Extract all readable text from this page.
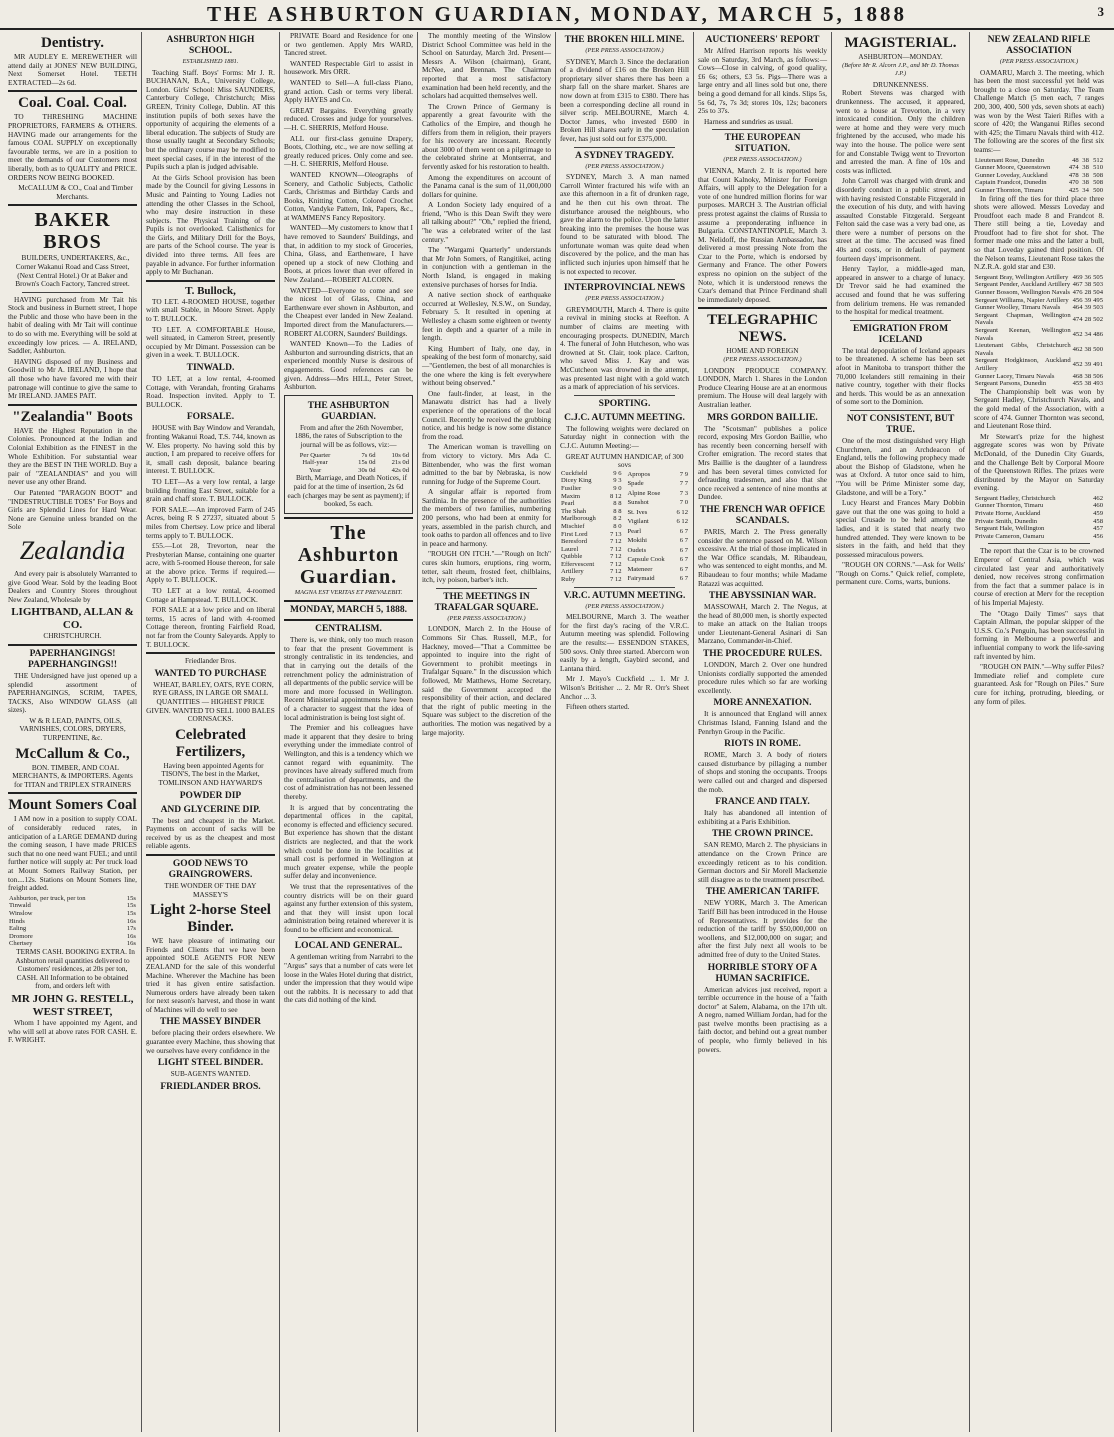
THE ASHBURTON GUARDIAN, MONDAY, MARCH 5, 1888	3
Dentistry.

MR AUDLEY E. MEREWETHER will attend daily at JONES' NEW BUILDING, Next Somerset Hotel. TEETH EXTRACTED—2s 6d.

Coal. Coal. Coal.

TO THRESHING MACHINE PROPRIETORS, FARMERS & OTHERS. HAVING made our arrangements for the famous COAL SUPPLY on exceptionally favourable terms, we are in a position to meet the demands of our Customers most liberally, both as to QUALITY and PRICE. ORDERS NOW BEING BOOKED.

McCALLUM & CO., Coal and Timber Merchants.

BAKER BROS

BUILDERS, UNDERTAKERS, &c., Corner Wakanui Road and Cass Street, (Next Central Hotel.) Or at Baker and Brown's Coach Factory, Tancred street.

HAVING purchased from Mr Tait his Stock and business in Burnett street, I hope the Public and those who have been in the habit of dealing with Mr Tait will continue to do so with me. Everything will be sold at exceedingly low prices. — A. IRELAND, Saddler, Ashburton.

HAVING disposed of my Business and Goodwill to Mr A. IRELAND, I hope that all those who have favored me with their patronage will continue to give the same to Mr IRELAND. JAMES PAIT.

"Zealandia" Boots

HAVE the Highest Reputation in the Colonies. Pronounced at the Indian and Colonial Exhibition as the FINEST in the Whole Exhibition. For substantial wear they are the BEST IN THE WORLD. Buy a pair of "ZEALANDIAS" and you will never use any other Brand.

Our Patented "PARAGON BOOT" and "INDESTRUCTIBLE TOES" For Boys and Girls are Splendid Lines for Hard Wear. None are Genuine unless branded on the Sole

Zealandia

And every pair is absolutely Warranted to give Good Wear. Sold by the leading Boot Dealers and Country Stores throughout New Zealand, Wholesale by

LIGHTBAND, ALLAN & CO.
CHRISTCHURCH.
PAPERHANGINGS! PAPERHANGINGS!!

THE Undersigned have just opened up a splendid assortment of PAPERHANGINGS, SCRIM, TAPES, TACKS, Also WINDOW GLASS (all sizes).

W & R LEAD, PAINTS, OILS, VARNISHES, COLORS, DRYERS, TURPENTINE, &c.

McCallum & Co.,

BON. TIMBER, AND COAL MERCHANTS, & IMPORTERS. Agents for TITAN and TRIPLEX STRAINERS

Mount Somers Coal

I AM now in a position to supply COAL of considerably reduced rates, in anticipation of a LARGE DEMAND during the coming season, I have made PRICES such that no one need want FUEL; and until further notice will supply at: Per truck load at Mount Somers Railway Station, per ton....12s. Stations on Mount Somers line, freight added.

Ashburton, per truck, per ton	15s
Tinwald	15s
Winslow	15s
Hinds	16s
Ealing	17s
Dromore	16s
Chertsey	16s

TERMS CASH. BOOKING EXTRA. In Ashburton retail quantities delivered to Customers' residences, at 20s per ton, CASH. All Information to be obtained from, and orders left with

MR JOHN G. RESTELL, WEST STREET,

Whom I have appointed my Agent, and who will sell at above rates FOR CASH. E. F. WRIGHT.

ASHBURTON HIGH SCHOOL.
ESTABLISHED 1881.

Teaching Staff. Boys' Forms: Mr J. R. BUCHANAN, B.A., University College, London. Girls' School: Miss SAUNDERS, Canterbury College, Christchurch; Miss GREEN, Trinity College, Dublin. AT this institution pupils of both sexes have the opportunity of acquiring the elements of a liberal education. The subjects of Study are those usually taught at Secondary Schools; but the ordinary course may be modified to meet special cases, if in the interest of the Pupils such a plan is judged advisable.

At the Girls School provision has been made by the Council for giving Lessons in Music and Painting to Young Ladies not attending the other Classes in the School, who may desire instruction in these subjects. The Physical Training of the Pupils is not overlooked. Calisthenics for the Girls, and Military Drill for the Boys, are parts of the School course. The year is divided into three terms. All fees are payable in advance. For further information apply to Mr Buchanan.

T. Bullock,

TO LET. 4-ROOMED HOUSE, together with small Stable, in Moore Street. Apply to T. BULLOCK.

TO LET. A COMFORTABLE House, well situated, in Cameron Street, presently occupied by Mr Dimant. Possession can be given in a week. T. BULLOCK.

TINWALD.

TO LET, at a low rental, 4-roomed Cottage, with Verandah, fronting Grahams Road. Inspection invited. Apply to T. BULLOCK.

FORSALE.

HOUSE with Bay Window and Verandah, fronting Wakanui Road, T.S. 744, known as W. Eles property. No having sold this by auction, I am prepared to receive offers for it, small cash deposit, balance bearing interest. T. BULLOCK.

TO LET—As a very low rental, a large building fronting East Street, suitable for a grain and chaff store. T. BULLOCK.

FOR SALE.—An improved Farm of 245 Acres, being R S 27237, situated about 5 miles from Chertsey. Low price and liberal terms apply to T. BULLOCK.

£55.—Lot 28, Trevorton, near the Presbyterian Manse, containing one quarter acre, with 5-roomed House thereon, for sale at the above price. Terms if required.—Apply to T. BULLOCK.

TO LET at a low rental, 4-roomed Cottage at Hampstead. T. BULLOCK.

FOR SALE at a low price and on liberal terms, 15 acres of land with 4-roomed Cottage thereon, fronting Fairfield Road, not far from the County Saleyards. Apply to T. BULLOCK.

Friedlander Bros.
WANTED TO PURCHASE

WHEAT, BARLEY, OATS, RYE CORN, RYE GRASS, IN LARGE OR SMALL QUANTITIES — HIGHEST PRICE GIVEN. WANTED TO SELL 1000 BALES CORNSACKS.

Celebrated Fertilizers,

Having been appointed Agents for TISON'S, The best in the Market, TOMLINSON AND HAYWARD'S

POWDER DIP
AND GLYCERINE DIP.

The best and cheapest in the Market. Payments on account of sacks will be received by us as the cheapest and most reliable agents.

GOOD NEWS TO GRAINGROWERS.
THE WONDER OF THE DAY
MASSEY'S
Light 2-horse Steel Binder.

WE have pleasure of intimating our Friends and Clients that we have been appointed SOLE AGENTS FOR NEW ZEALAND for the sale of this wonderful Machine. Wherever the Machine has been tried it has given entire satisfaction. Numerous orders have already been taken for next season's harvest, and those in want of Machines will do well to see

THE MASSEY BINDER

before placing their orders elsewhere. We guarantee every Machine, thus showing that we ourselves have every confidence in the

LIGHT STEEL BINDER.
SUB-AGENTS WANTED.
FRIEDLANDER BROS.

PRIVATE Board and Residence for one or two gentlemen. Apply Mrs WARD, Tancred street.

WANTED Respectable Girl to assist in housework. Mrs ORR.

WANTED to Sell—A full-class Piano, grand action. Cash or terms very liberal. Apply HAYES and Co.

GREAT Bargains. Everything greatly reduced. Crosses and judge for yourselves.—H. C. SHERRIS, Melford House.

ALL our first-class genuine Drapery, Boots, Clothing, etc., we are now selling at greatly reduced prices. Only come and see.—H. C. SHERRIS, Melford House.

WANTED KNOWN—Oleographs of Scenery, and Catholic Subjects, Catholic Cards, Christmas and Birthday Cards and Books, Knitting Cotton, Colored Crochet Cotton, Vandyke Pattern, Ink, Papers, &c., at WAMMEN'S Fancy Repository.

WANTED—My customers to know that I have removed to Saunders' Buildings, and that, in addition to my stock of Groceries, China, Glass, and Earthenware, I have opened up a stock of new Clothing and Boots, at prices lower than ever offered in New Zealand.—ROBERT ALCORN.

WANTED—Everyone to come and see the nicest lot of Glass, China, and Earthenware ever shown in Ashburton, and the Cheapest ever landed in New Zealand. Imported direct from the Manufacturers.—ROBERT ALCORN, Saunders' Buildings.

WANTED Known—To the Ladies of Ashburton and surrounding districts, that an experienced monthly Nurse is desirous of engagements. Good references can be given. Address—Mrs HILL, Peter Street, Ashburton.

THE ASHBURTON GUARDIAN.

From and after the 26th November, 1886, the rates of Subscription to the journal will be as follows, viz:—

Per Quarter	7s 6d	10s 6d
Half-year	15s 0d	21s 0d
Year	30s 0d	42s 0d

Birth, Marriage, and Death Notices, if paid for at the time of insertion, 2s 6d each (charges may be sent as payment); if booked, 5s each.

The Ashburton Guardian.
MAGNA EST VERITAS ET PREVALEBIT.
MONDAY, MARCH 5, 1888.
CENTRALISM.

There is, we think, only too much reason to fear that the present Government is strongly centralistic in its tendencies, and that in carrying out the details of the retrenchment policy the administration of all departments of the public service will be more and more focussed in Wellington. Recent Ministerial appointments have been of a character to suggest that the idea of local administration is being lost sight of.

The Premier and his colleagues have made it apparent that they desire to bring everything under the immediate control of Wellington, and this is a tendency which we cannot regard with equanimity. The provinces have already suffered much from the centralisation of departments, and the cost of administration has not been lessened thereby.

It is argued that by concentrating the departmental offices in the capital, economy is effected and efficiency secured. But experience has shown that the distant districts are neglected, and that the work which could be done in the localities at small cost is performed in Wellington at much greater expense, while the people suffer delay and inconvenience.

We trust that the representatives of the country districts will be on their guard against any further extension of this system, and that they will insist upon local administration being retained wherever it is found to be efficient and economical.

LOCAL AND GENERAL.

A gentleman writing from Narrabri to the "Argus" says that a number of cats were let loose in the Wales Hotel during that district, under the impression that they would wipe out the rabbits. It is necessary to add that the cats did nothing of the kind.

The monthly meeting of the Winslow District School Committee was held in the School on Saturday, March 3rd. Present—Messrs A. Wilson (chairman), Grant, McNee, and Brennan. The Chairman reported that a most satisfactory examination had been held recently, and the scholars had acquitted themselves well.

The Crown Prince of Germany is apparently a great favourite with the Catholics of the Empire, and though he differs from them in religion, their prayers for his recovery are incessant. Recently about 3000 of them went on a pilgrimage to the celebrated shrine at Montserrat, and fervently asked for his restoration to health.

Among the expenditures on account of the Panama canal is the sum of 11,000,000 dollars for quinine.

A London Society lady enquired of a friend, "Who is this Dean Swift they were all talking about?" "Oh," replied the friend, "he was a celebrated writer of the last century."

The "Wargami Quarterly" understands that Mr John Somers, of Rangitikei, acting in conjunction with a gentleman in the North Island, is engaged in making extensive purchases of horses for India.

A native section shock of earthquake occurred at Wellesley, N.S.W., on Sunday, February 5. It resulted in opening at Wellesley a chasm some eighteen or twenty feet in depth and a quarter of a mile in length.

King Humbert of Italy, one day, in speaking of the best form of monarchy, said—"Gentlemen, the best of all monarchies is the one where the king is felt everywhere without being observed."

One fault-finder, at least, in the Manawatu district has had a lively experience of the operations of the local Council. Recently he received the grubbing notice, and his hedge is now some distance from the road.

The American woman is travelling on from victory to victory. Mrs Ada C. Bittenbender, who was the first woman admitted to the bar by Nebraska, is now running for Judge of the Supreme Court.

A singular affair is reported from Sardinia. In the presence of the authorities the members of two families, numbering 200 persons, who had been at enmity for years, assembled in the parish church, and took oaths to pardon all offences and to live in peace and harmony.

"ROUGH ON ITCH."—"Rough on Itch" cures skin humors, eruptions, ring worm, tetter, salt rheum, frosted feet, chilblains, itch, ivy poison, barber's itch.

THE MEETINGS IN TRAFALGAR SQUARE.
(PER PRESS ASSOCIATION.)

LONDON, March 2. In the House of Commons Sir Chas. Russell, M.P., for Hackney, moved—"That a Committee be appointed to inquire into the right of Government to prohibit meetings in Trafalgar Square." In the discussion which followed, Mr Matthews, Home Secretary, said the Government accepted the responsibility of their action, and declared that the right of public meeting in the Square was subject to the discretion of the authorities. The motion was negatived by a large majority.

THE BROKEN HILL MINE.
(PER PRESS ASSOCIATION.)

SYDNEY, March 3. Since the declaration of a dividend of £16 on the Broken Hill proprietary silver shares there has been a sharp fall on the share market. Shares are now down at from £315 to £380. There has been a corresponding decline all round in silver scrip. MELBOURNE, March 4. Doctor James, who invested £600 in Broken Hill shares early in the speculation fever, has just sold out for £375,000.

A SYDNEY TRAGEDY.
(PER PRESS ASSOCIATION.)

SYDNEY, March 3. A man named Carroll Winter fractured his wife with an axe this afternoon in a fit of drunken rage, and he then cut his own throat. The disturbance aroused the neighbours, who gave the alarm to the police. Upon the latter breaking into the premises the house was found to be saturated with blood. The unfortunate woman was quite dead when discovered by the police, and the man has inflicted such injuries upon himself that he is not expected to recover.

INTERPROVINCIAL NEWS
(PER PRESS ASSOCIATION.)

GREYMOUTH, March 4. There is quite a revival in mining stocks at Reefton. A number of claims are meeting with encouraging prospects. DUNEDIN, March 4. The funeral of John Hutcheson, who was drowned at St. Clair, took place. Carlton, who saved Miss J. Kay and was McCutcheon was drowned in the attempt, was presented last night with a gold watch as a mark of appreciation of his services.

SPORTING.
C.J.C. AUTUMN MEETING.

The following weights were declared on Saturday night in connection with the C.J.C. Autumn Meeting:—

GREAT AUTUMN HANDICAP, of 300 sovs
Cuckfield	9 6
Dicey King	9 3
Fusilier	9 0
Maxim	8 12
Pearl	8 8
The Shah	8 8
Marlborough	8 2
Mischief	8 0
First Lord	7 13
Beresford	7 12
Laurel	7 12
Quibble	7 12
Effervescent	7 12
Artillery	7 12
Ruby	7 12
Apropos	7 9
Spade	7 7
Alpine Rose	7 3
Sunshot	7 0
St. Ives	6 12
Vigilant	6 12
Pearl	6 7
Mokihi	6 7
Oudeis	6 7
Capsule Cook	6 7
Mateneer	6 7
Fairymaid	6 7
V.R.C. AUTUMN MEETING.
(PER PRESS ASSOCIATION.)

MELBOURNE, March 3. The weather for the first day's racing of the V.R.C. Autumn meeting was splendid. Following are the results:— ESSENDON STAKES, 500 sovs. Only three started. Abercorn won easily by a length, Gaybird second, and Lantana third.

Mr J. Mayo's Cuckfield ... 1. Mr J. Wilson's Britisher ... 2. Mr R. Orr's Sheet Anchor ... 3.

Fifteen others started.

AUCTIONEERS' REPORT

Mr Alfred Harrison reports his weekly sale on Saturday, 3rd March, as follows:—Cows—Close in calving, of good quality, £6 6s; others, £3 5s. Pigs—There was a large entry and all lines sold but one, there being a good demand for all kinds. Slips 5s, 5s 6d, 7s, 7s 3d; stores 10s, 12s; baconers 25s to 37s.

Harness and sundries as usual.

THE EUROPEAN SITUATION.
(PER PRESS ASSOCIATION.)

VIENNA, March 2. It is reported here that Count Kalnoky, Minister for Foreign Affairs, will apply to the Delegation for a vote of one hundred million florins for war purposes. MARCH 3. The Austrian official press protest against the claims of Russia to assume a preponderating influence in Bulgaria. CONSTANTINOPLE, March 3. M. Nelidoff, the Russian Ambassador, has delivered a most pressing Note from the Czar to the Porte, which is endorsed by Germany and France. The other Powers express no opinion on the subject of the Note, which it is understood renews the Czar's demand that Prince Ferdinand shall be immediately deposed.

TELEGRAPHIC NEWS.
HOME AND FOREIGN
(PER PRESS ASSOCIATION.)

LONDON PRODUCE COMPANY. LONDON, March 1. Shares in the London Produce Clearing House are at an enormous premium. The House will deal largely with Australian leather.

MRS GORDON BAILLIE.

The "Scotsman" publishes a police record, exposing Mrs Gordon Baillie, who has recently been concerning herself with Crofter emigration. The record states that Mrs Baillie is the daughter of a laundress and has been several times convicted for defrauding tradesmen, and also that she once received a sentence of nine months at Dundee.

THE FRENCH WAR OFFICE SCANDALS.

PARIS, March 2. The Press generally consider the sentence passed on M. Wilson excessive. At the trial of those implicated in the War Office scandals, M. Ribaudeau, who was sentenced to eight months, and M. Ribaudeau to four months; while Madame Ratazzi was acquitted.

THE ABYSSINIAN WAR.

MASSOWAH, March 2. The Negus, at the head of 80,000 men, is shortly expected to make an attack on the Italian troops under Lieutenant-General Asinari di San Marzano, Commander-in-Chief.

THE PROCEDURE RULES.

LONDON, March 2. Over one hundred Unionists cordially supported the amended procedure rules which so far are working excellently.

MORE ANNEXATION.

It is announced that England will annex Christmas Island, Fanning Island and the Penrhyn Group in the Pacific.

RIOTS IN ROME.

ROME, March 3. A body of rioters caused disturbance by pillaging a number of shops and stoning the occupants. Troops were called out and charged and dispersed the mob.

FRANCE AND ITALY.

Italy has abandoned all intention of exhibiting at a Paris Exhibition.

THE CROWN PRINCE.

SAN REMO, March 2. The physicians in attendance on the Crown Prince are exceedingly reticent as to his condition. German doctors and Sir Morell Mackenzie still disagree as to the treatment prescribed.

THE AMERICAN TARIFF.

NEW YORK, March 3. The American Tariff Bill has been introduced in the House of Representatives. It provides for the reduction of the tariff by $50,000,000 on woollens, and $12,000,000 on sugar; and after the first July next all wools to be admitted free of duty to the United States.

HORRIBLE STORY OF A HUMAN SACRIFICE.

American advices just received, report a terrible occurrence in the house of a "faith doctor" at Salem, Alabama, on the 17th ult. A negro, named William Jordan, had for the past twelve months been practising as a faith doctor, and behind out a great number of people, who firmly believed in his powers.

MAGISTERIAL.
ASHBURTON—MONDAY.
(Before Mr R. Alcorn J.P., and Mr D. Thomas J.P.)
DRUNKENNESS.

Robert Stevens was charged with drunkenness. The accused, it appeared, went to a house at Trevorton, in a very intoxicated condition. Only the children were at home and they were very much frightened by the accused, who made his way into the house. The police were sent for and Constable Twigg went to Trevorton and arrested the man. A fine of 10s and costs was inflicted.

John Carroll was charged with drunk and disorderly conduct in a public street, and with having resisted Constable Fitzgerald in the execution of his duty, and with having assaulted Constable Fitzgerald. Sergeant Felton said the case was a very bad one, as there were a number of persons on the street at the time. The accused was fined 40s and costs, or in default of payment fourteen days' imprisonment.

Henry Taylor, a middle-aged man, appeared in answer to a charge of lunacy. Dr Trevor said he had examined the accused and found that he was suffering from delirium tremens. He was remanded to the hospital for medical treatment.

EMIGRATION FROM ICELAND

The total depopulation of Iceland appears to be threatened. A scheme has been set afoot in Manitoba to transport thither the 70,000 Icelanders still remaining in their native country, together with their flocks and herds. This would be as an annexation of some sort to the Dominion.

NOT CONSISTENT, BUT TRUE.

One of the most distinguished very High Churchmen, and an Archdeacon of England, tells the following prophecy made about the Bishop of Gladstone, when he was at Oxford. A tutor once said to him, "You will be Prime Minister some day, Gladstone, and will be a Tory."

Lucy Hearst and Frances Mary Dobbin gave out that the one was going to hold a special Crusade to be held among the ladies, and it is stated that nearly two hundred attended. They were known to be sisters in the faith, and held that they possessed miraculous powers.

"ROUGH ON CORNS."—Ask for Wells' "Rough on Corns." Quick relief, complete, permanent cure. Corns, warts, bunions.

NEW ZEALAND RIFLE ASSOCIATION
(PER PRESS ASSOCIATION.)

OAMARU, March 3. The meeting, which has been the most successful yet held was brought to a close on Saturday. The Team Challenge Match (5 men each, 7 ranges 200, 300, 400, 500 yds, seven shots at each) was won by the West Taieri Rifles with a score of 420; the Wanganui Rifles second with 425; the Timaru Navals third with 412. The following are the scores of the first six teams:—

Lieutenant Rose, Dunedin	48	38	512
Gunner Moore, Queenstown	474	38	510
Gunner Loveday, Auckland	478	38	508
Captain Frandcot, Dunedin	470	38	508
Gunner Thornton, Timaru	425	34	500

In firing off the ties for third place three shots were allowed. Messrs Loveday and Proudfoot each made 8 and Frandcot 8. There still being a tie, Loveday and Proudfoot had to fire shot for shot. The former made one miss and the latter a bull, so that Loveday gained third position. Of the Nelson teams, Lieutenant Rose takes the N.Z.R.A. gold star and £30.

Sergeant Bray, Wellington Artillery	469	36	505
Sergeant Pender, Auckland Artillery	467	38	503
Gunner Bossom, Wellington Navals	476	28	504
Sergeant Williams, Napier Artillery	456	39	495
Gunner Woolley, Timaru Navals	464	39	503
Sergeant Chapman, Wellington Navals	474	28	502
Sergeant Keenan, Wellington Navals	452	34	486
Lieutenant Gibbs, Christchurch Navals	462	38	500
Sergeant Hodgkinson, Auckland Artillery	452	39	491
Gunner Lacey, Timaru Navals	468	38	506
Sergeant Parsons, Dunedin	455	38	493

The Championship belt was won by Sergeant Hadley, Christchurch Navals, and the gold medal of the Association, with a score of 474. Gunner Thornton was second, and Lieutenant Rose third.

Mr Stewart's prize for the highest aggregate scores was won by Private McDonald, of the Dunedin City Guards, and the Challenge Belt by Corporal Moore of the Queenstown Rifles. The prizes were distributed by the Mayor on Saturday evening.

Sergeant Hadley, Christchurch	462
Gunner Thornton, Timaru	460
Private Horne, Auckland	459
Private Smith, Dunedin	458
Sergeant Hale, Wellington	457
Private Cameron, Oamaru	456

The report that the Czar is to be crowned Emperor of Central Asia, which was circulated last year and authoritatively denied, now receives strong confirmation from the fact that a summer palace is in course of erection at Merv for the reception of his Imperial Majesty.

The "Otago Daily Times" says that Captain Allman, the popular skipper of the U.S.S. Co.'s Penguin, has been successful in forming in Melbourne a powerful and influential company to work the life-saving raft invented by him.

"ROUGH ON PAIN."—Why suffer Piles? Immediate relief and complete cure guaranteed. Ask for "Rough on Piles." Sure cure for itching, protruding, bleeding, or any form of piles.
